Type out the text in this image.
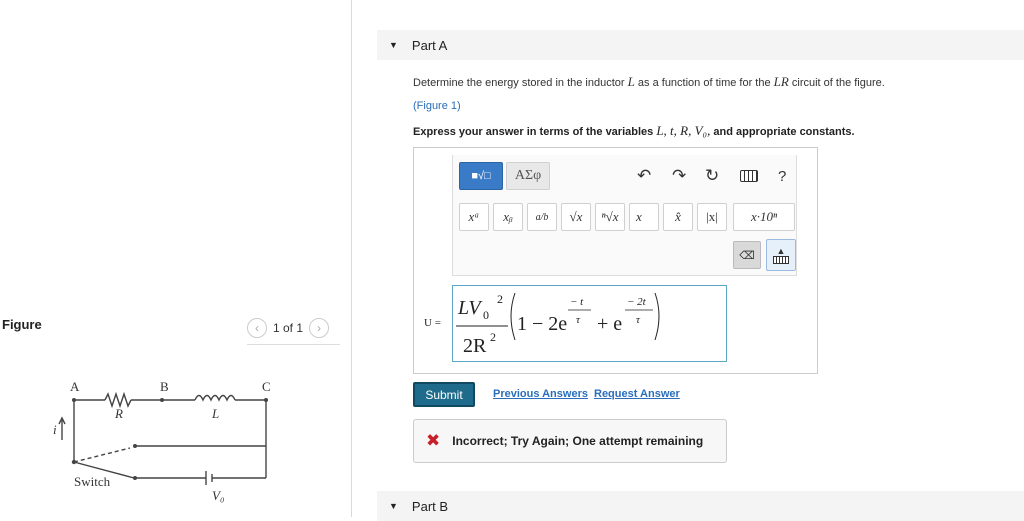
Figure	‹	1 of 1	›
A	B	C
R	L
i
Switch
V₀
▼ Part A
Determine the energy stored in the inductor L as a function of time for the LR circuit of the figure.
(Figure 1)
Express your answer in terms of the variables L, t, R, V₀, and appropriate constants.
■√□	AΣφ	↶ ↷ ↻	?
xᵃ	xᵦ	a/b	√x	ⁿ√x	x⃗	x̂	|x|	x·10ⁿ
⌫	▲
U =
LV 0
2
2R 2
1 − 2e
− t
τ + e
− 2t
τ
Submit	Previous Answers Request Answer
✖ Incorrect; Try Again; One attempt remaining
▼ Part B
